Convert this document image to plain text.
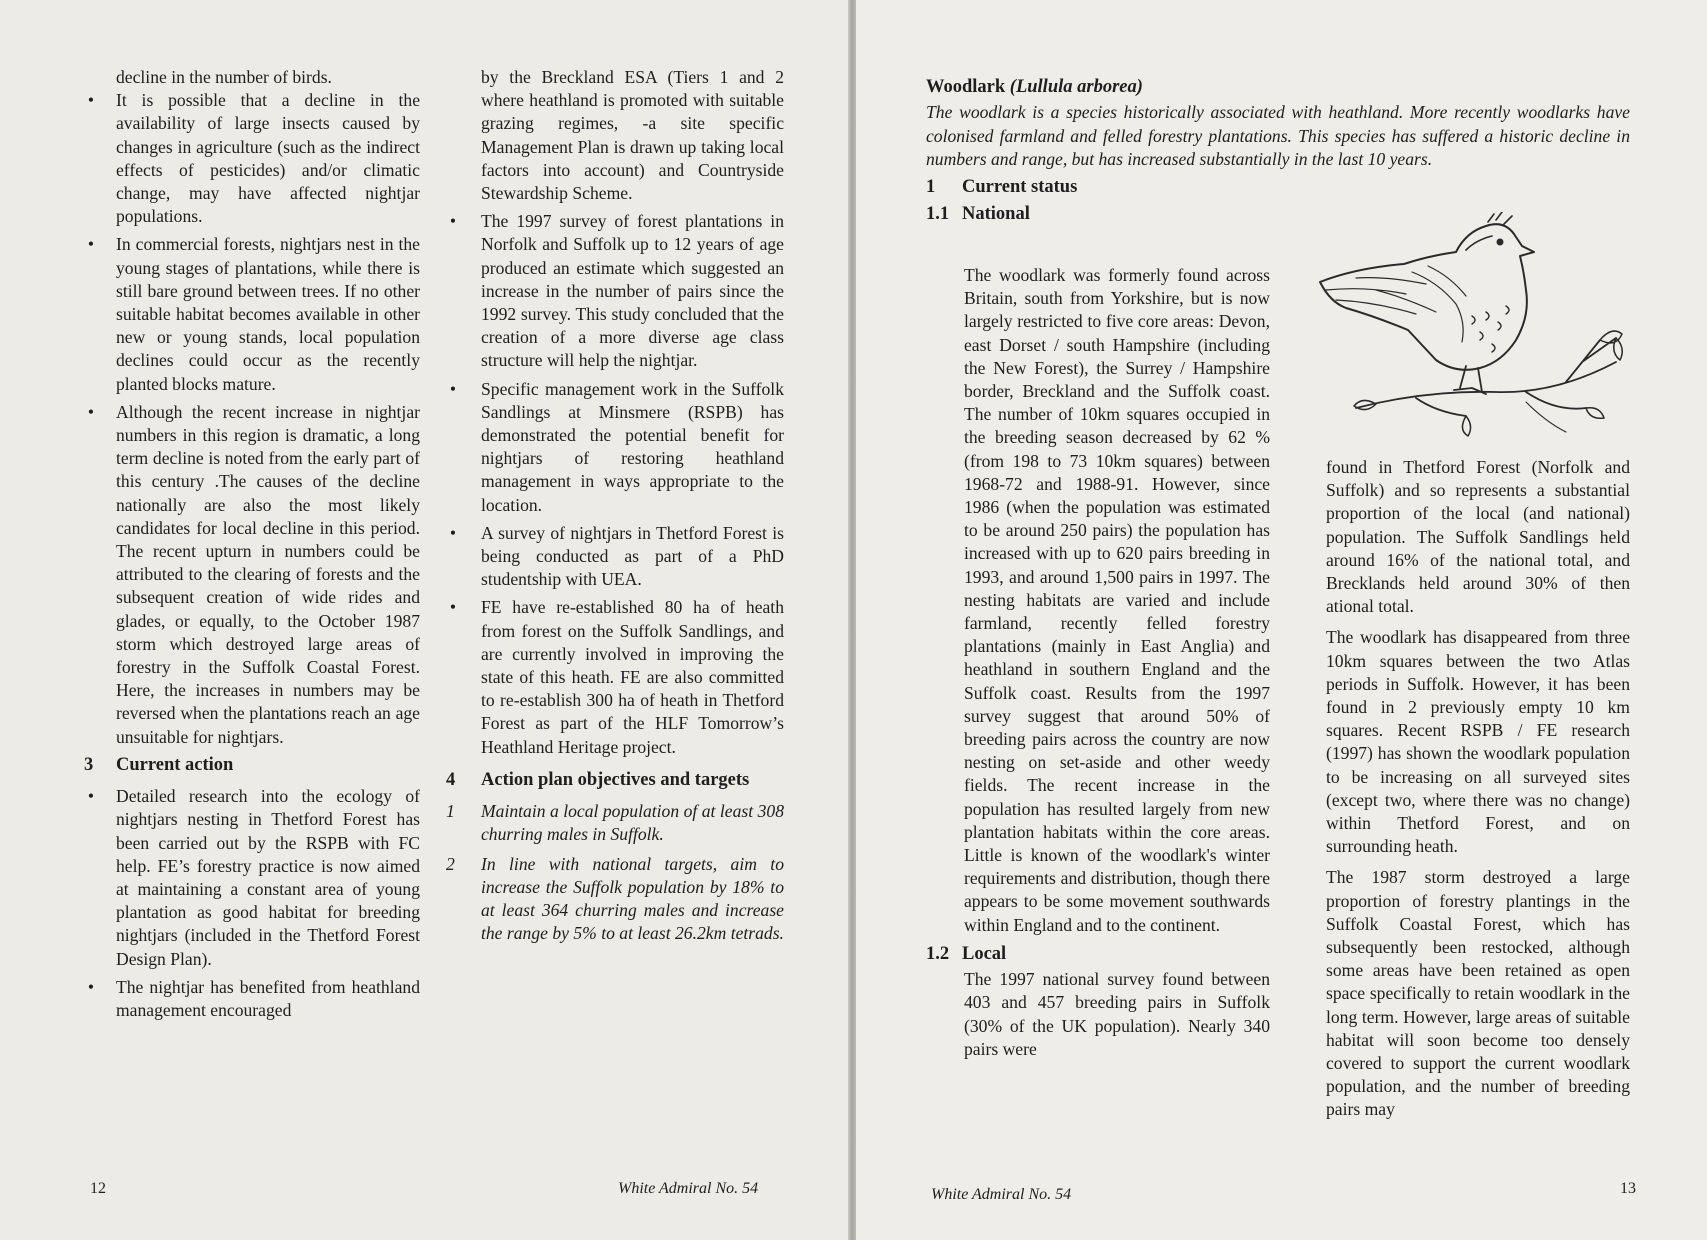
decline in the number of birds.

• It is possible that a decline in the availability of large insects caused by changes in agriculture (such as the indirect effects of pesticides) and/or climatic change, may have affected nightjar populations.
• In commercial forests, nightjars nest in the young stages of plantations, while there is still bare ground between trees. If no other suitable habitat becomes available in other new or young stands, local population declines could occur as the recently planted blocks mature.
• Although the recent increase in nightjar numbers in this region is dramatic, a long term decline is noted from the early part of this century .The causes of the decline nationally are also the most likely candidates for local decline in this period. The recent upturn in numbers could be attributed to the clearing of forests and the subsequent creation of wide rides and glades, or equally, to the October 1987 storm which destroyed large areas of forestry in the Suffolk Coastal Forest. Here, the increases in numbers may be reversed when the plantations reach an age unsuitable for nightjars.
3	Current action
• Detailed research into the ecology of nightjars nesting in Thetford Forest has been carried out by the RSPB with FC help. FE’s forestry practice is now aimed at maintaining a constant area of young plantation as good habitat for breeding nightjars (included in the Thetford Forest Design Plan).
• The nightjar has benefited from heathland management encouraged

by the Breckland ESA (Tiers 1 and 2 where heathland is promoted with suitable grazing regimes, -a site specific Management Plan is drawn up taking local factors into account) and Countryside Stewardship Scheme.

• The 1997 survey of forest plantations in Norfolk and Suffolk up to 12 years of age produced an estimate which suggested an increase in the number of pairs since the 1992 survey. This study concluded that the creation of a more diverse age class structure will help the nightjar.
• Specific management work in the Suffolk Sandlings at Minsmere (RSPB) has demonstrated the potential benefit for nightjars of restoring heathland management in ways appropriate to the location.
• A survey of nightjars in Thetford Forest is being conducted as part of a PhD studentship with UEA.
• FE have re-established 80 ha of heath from forest on the Suffolk Sandlings, and are currently involved in improving the state of this heath. FE are also committed to re-establish 300 ha of heath in Thetford Forest as part of the HLF Tomorrow’s Heathland Heritage project.
4	Action plan objectives and targets
1	Maintain a local population of at least 308 churring males in Suffolk.
2	In line with national targets, aim to increase the Suffolk population by 18% to at least 364 churring males and increase the range by 5% to at least 26.2km tetrads.
12	White Admiral No. 54	White Admiral No. 54	13
Woodlark (Lullula arborea)
The woodlark is a species historically associated with heathland. More recently woodlarks have colonised farmland and felled forestry plantations. This species has suffered a historic decline in numbers and range, but has increased substantially in the last 10 years.
1	Current status
1.1 National

The woodlark was formerly found across Britain, south from Yorkshire, but is now largely restricted to five core areas: Devon, east Dorset / south Hampshire (including the New Forest), the Surrey / Hampshire border, Breckland and the Suffolk coast. The number of 10km squares occupied in the breeding season decreased by 62 % (from 198 to 73 10km squares) between 1968-72 and 1988-91. However, since 1986 (when the population was estimated to be around 250 pairs) the population has increased with up to 620 pairs breeding in 1993, and around 1,500 pairs in 1997. The nesting habitats are varied and include farmland, recently felled forestry plantations (mainly in East Anglia) and heathland in southern England and the Suffolk coast. Results from the 1997 survey suggest that around 50% of breeding pairs across the country are now nesting on set-aside and other weedy fields. The recent increase in the population has resulted largely from new plantation habitats within the core areas. Little is known of the woodlark's winter requirements and distribution, though there appears to be some movement southwards within England and to the continent.

1.2 Local

The 1997 national survey found between 403 and 457 breeding pairs in Suffolk (30% of the UK population). Nearly 340 pairs were

found in Thetford Forest (Norfolk and Suffolk) and so represents a substantial proportion of the local (and national) population. The Suffolk Sandlings held around 16% of the national total, and Brecklands held around 30% of then ational total.

The woodlark has disappeared from three 10km squares between the two Atlas periods in Suffolk. However, it has been found in 2 previously empty 10 km squares. Recent RSPB / FE research (1997) has shown the woodlark population to be increasing on all surveyed sites (except two, where there was no change) within Thetford Forest, and on surrounding heath.

The 1987 storm destroyed a large proportion of forestry plantings in the Suffolk Coastal Forest, which has subsequently been restocked, although some areas have been retained as open space specifically to retain woodlark in the long term. However, large areas of suitable habitat will soon become too densely covered to support the current woodlark population, and the number of breeding pairs may
